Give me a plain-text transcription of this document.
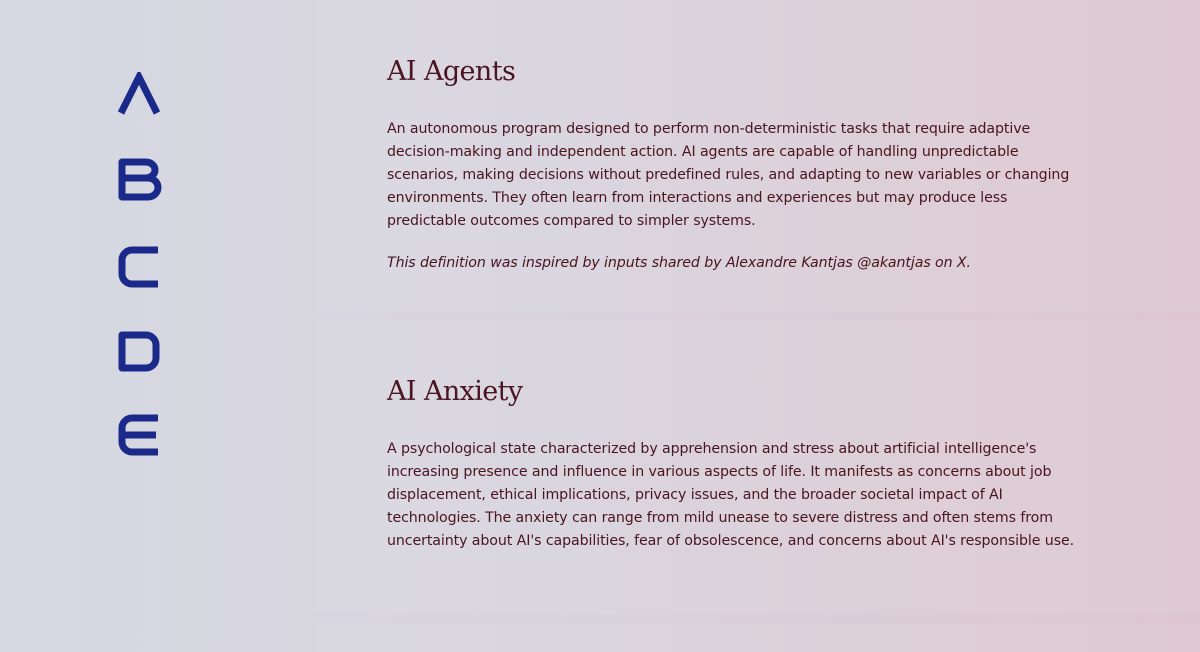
AI Agents

An autonomous program designed to perform non-deterministic tasks that require adaptive
decision-making and independent action. AI agents are capable of handling unpredictable
scenarios, making decisions without predefined rules, and adapting to new variables or changing
environments. They often learn from interactions and experiences but may produce less
predictable outcomes compared to simpler systems.

This definition was inspired by inputs shared by Alexandre Kantjas @akantjas on X.

AI Anxiety

A psychological state characterized by apprehension and stress about artificial intelligence's
increasing presence and influence in various aspects of life. It manifests as concerns about job
displacement, ethical implications, privacy issues, and the broader societal impact of AI
technologies. The anxiety can range from mild unease to severe distress and often stems from
uncertainty about AI's capabilities, fear of obsolescence, and concerns about AI's responsible use.
